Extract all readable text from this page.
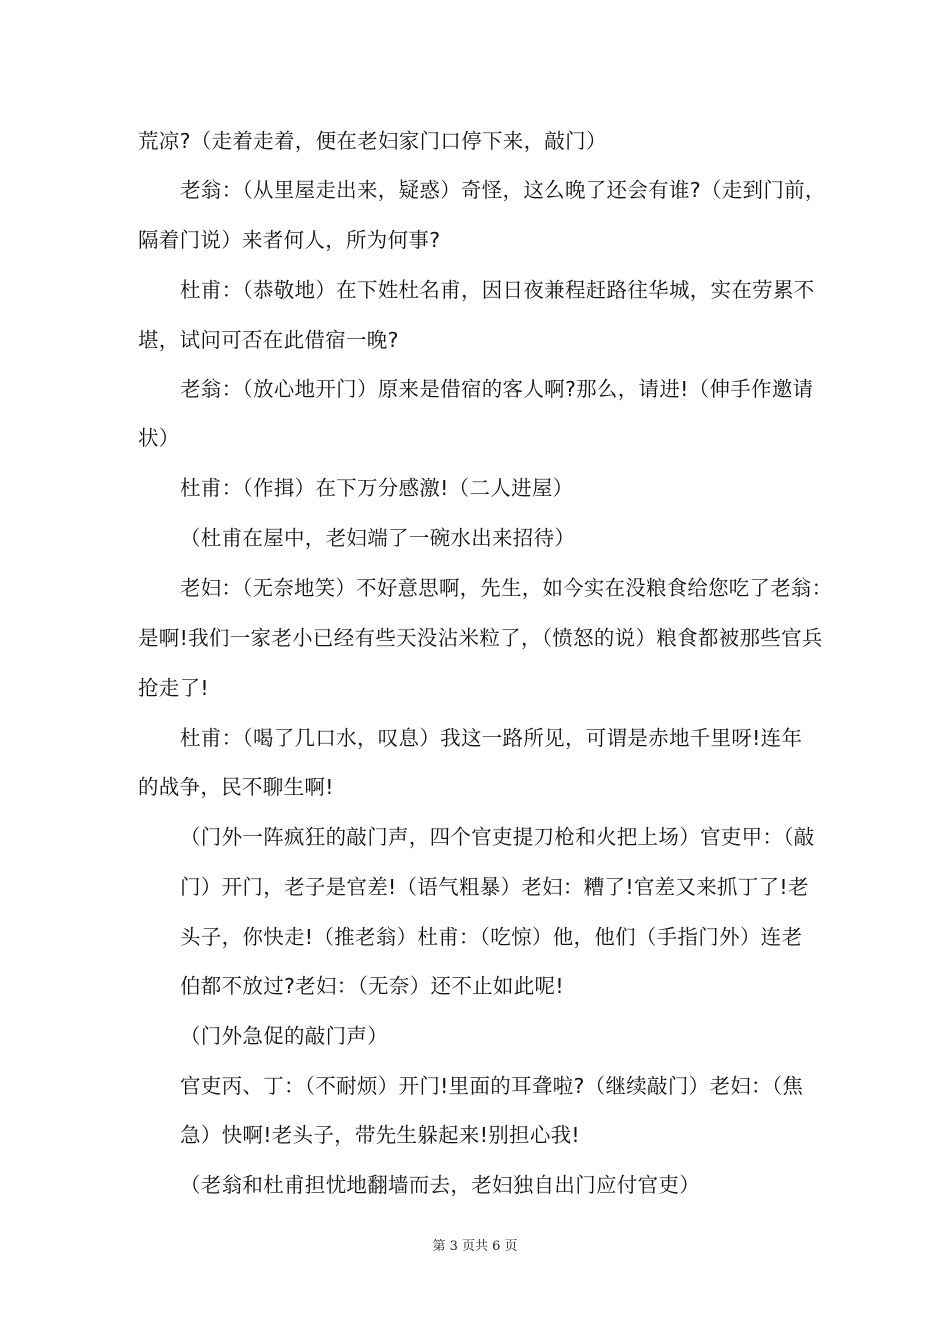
荒凉?（走着走着，便在老妇家门口停下来，敲门）
老翁：（从里屋走出来，疑惑）奇怪，这么晚了还会有谁?（走到门前，
隔着门说）来者何人，所为何事?
杜甫：（恭敬地）在下姓杜名甫，因日夜兼程赶路往华城，实在劳累不
堪，试问可否在此借宿一晚?
老翁：（放心地开门）原来是借宿的客人啊?那么，请进!（伸手作邀请
状）
杜甫：（作揖）在下万分感激!（二人进屋）
（杜甫在屋中，老妇端了一碗水出来招待）
老妇：（无奈地笑）不好意思啊，先生，如今实在没粮食给您吃了老翁：
是啊!我们一家老小已经有些天没沾米粒了，（愤怒的说）粮食都被那些官兵
抢走了!
杜甫：（喝了几口水，叹息）我这一路所见，可谓是赤地千里呀!连年
的战争，民不聊生啊!
（门外一阵疯狂的敲门声，四个官吏提刀枪和火把上场）官吏甲：（敲
门）开门，老子是官差!（语气粗暴）老妇：糟了!官差又来抓丁了!老
头子，你快走!（推老翁）杜甫：（吃惊）他，他们（手指门外）连老
伯都不放过?老妇：（无奈）还不止如此呢!
（门外急促的敲门声）
官吏丙、丁：（不耐烦）开门!里面的耳聋啦?（继续敲门）老妇：（焦
急）快啊!老头子，带先生躲起来!别担心我!
（老翁和杜甫担忧地翻墙而去，老妇独自出门应付官吏）
第 3 页共 6 页
